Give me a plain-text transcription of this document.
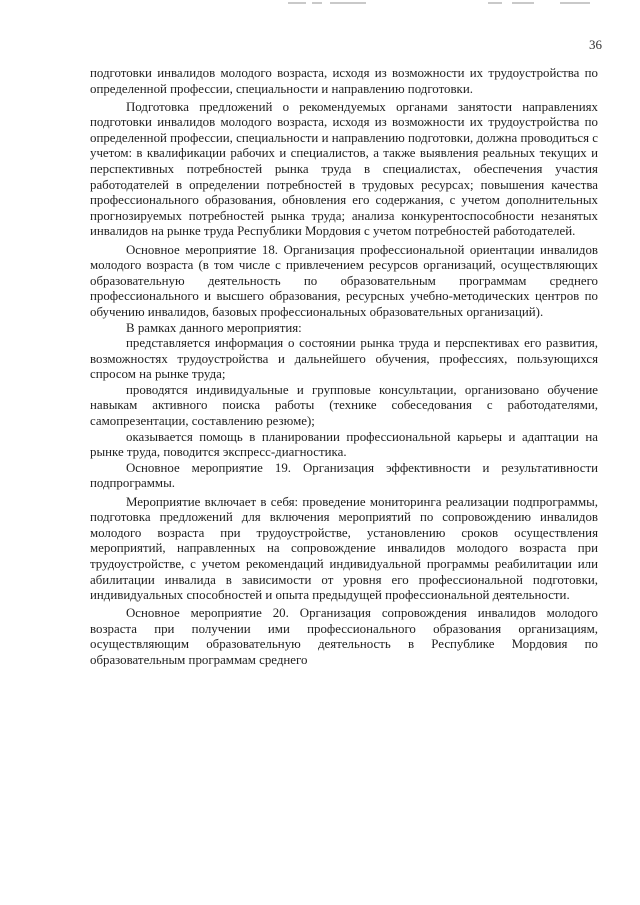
36

подготовки инвалидов молодого возраста, исходя из возможности их трудоустройства по определенной профессии, специальности и направлению подготовки.

Подготовка предложений о рекомендуемых органами занятости направлениях подготовки инвалидов молодого возраста, исходя из возможности их трудоустройства по определенной профессии, специальности и направлению подготовки, должна проводиться с учетом: в квалификации рабочих и специалистов, а также выявления реальных текущих и перспективных потребностей рынка труда в специалистах, обеспечения участия работодателей в определении потребностей в трудовых ресурсах; повышения качества профессионального образования, обновления его содержания, с учетом дополнительных прогнозируемых потребностей рынка труда; анализа конкурентоспособности незанятых инвалидов на рынке труда Республики Мордовия с учетом потребностей работодателей.

Основное мероприятие 18. Организация профессиональной ориентации инвалидов молодого возраста (в том числе с привлечением ресурсов организаций, осуществляющих образовательную деятельность по образовательным программам среднего профессионального и высшего образования, ресурсных учебно-методических центров по обучению инвалидов, базовых профессиональных образовательных организаций).

В рамках данного мероприятия:

представляется информация о состоянии рынка труда и перспективах его развития, возможностях трудоустройства и дальнейшего обучения, профессиях, пользующихся спросом на рынке труда;

проводятся индивидуальные и групповые консультации, организовано обучение навыкам активного поиска работы (технике собеседования с работодателями, самопрезентации, составлению резюме);

оказывается помощь в планировании профессиональной карьеры и адаптации на рынке труда, поводится экспресс-диагностика.

Основное мероприятие 19. Организация эффективности и результативности подпрограммы.

Мероприятие включает в себя: проведение мониторинга реализации подпрограммы, подготовка предложений для включения мероприятий по сопровождению инвалидов молодого возраста при трудоустройстве, установлению сроков осуществления мероприятий, направленных на сопровождение инвалидов молодого возраста при трудоустройстве, с учетом рекомендаций индивидуальной программы реабилитации или абилитации инвалида в зависимости от уровня его профессиональной подготовки, индивидуальных способностей и опыта предыдущей профессиональной деятельности.

Основное мероприятие 20. Организация сопровождения инвалидов молодого возраста при получении ими профессионального образования организациям, осуществляющим образовательную деятельность в Республике Мордовия по образовательным программам среднего
